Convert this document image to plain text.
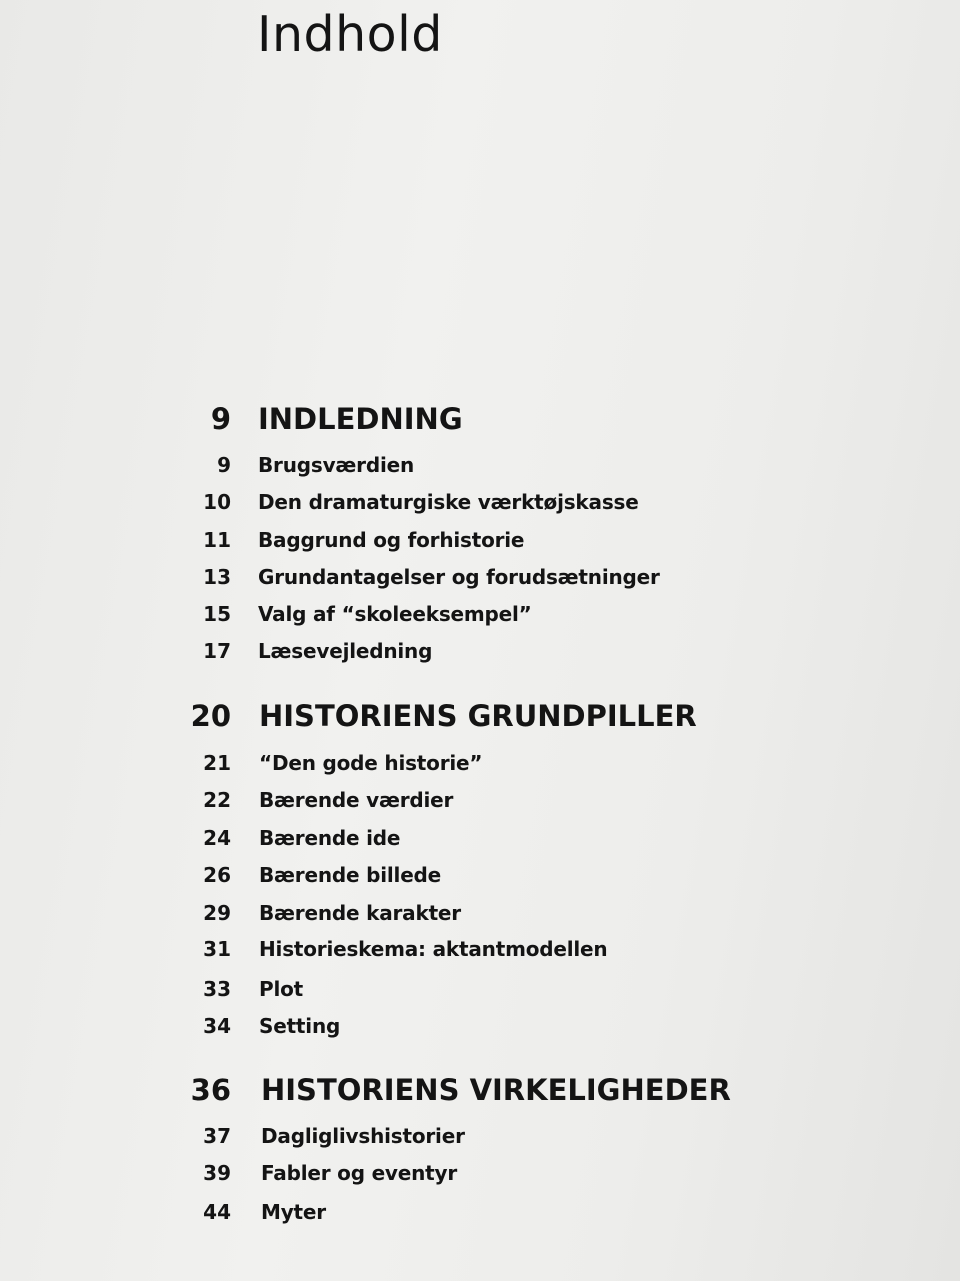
Indhold
9 INDLEDNING
9 Brugsværdien
10 Den dramaturgiske værktøjskasse
11 Baggrund og forhistorie
13 Grundantagelser og forudsætninger
15 Valg af “skoleeksempel”
17 Læsevejledning
20 HISTORIENS GRUNDPILLER
21 “Den gode historie”
22 Bærende værdier
24 Bærende ide
26 Bærende billede
29 Bærende karakter
31 Historieskema: aktantmodellen
33 Plot
34 Setting
36 HISTORIENS VIRKELIGHEDER
37 Dagliglivshistorier
39 Fabler og eventyr
44 Myter
